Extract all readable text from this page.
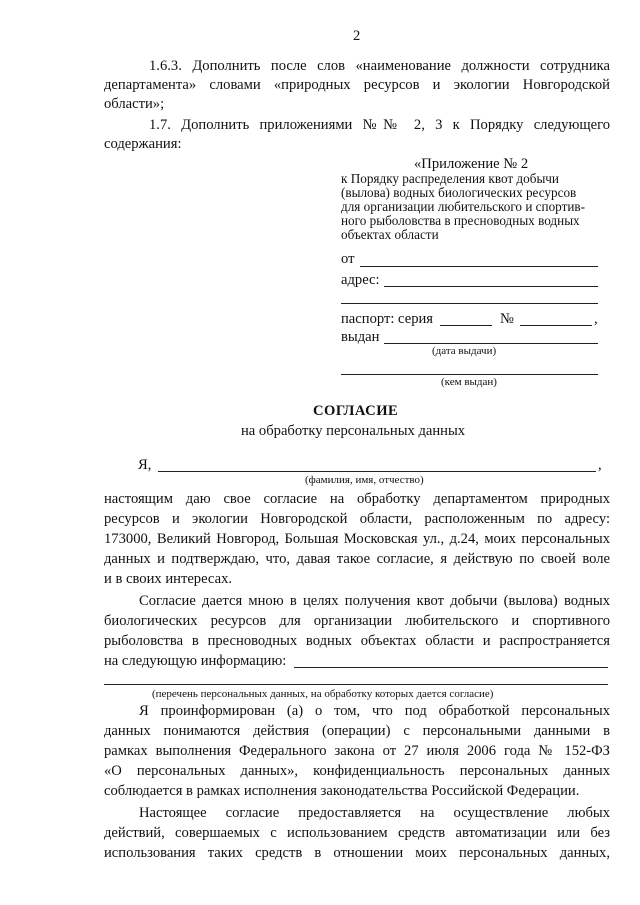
2
1.6.3. Дополнить после слов «наименование должности сотрудника
департамента» словами «природных ресурсов и экологии Новгородской
области»;
1.7. Дополнить приложениями №№ 2, 3 к Порядку следующего
содержания:
«Приложение № 2
к Порядку распределения квот добычи
(вылова) водных биологических ресурсов
для организации любительского и спортив-
ного рыболовства в пресноводных водных
объектах области
от
адрес:
паспорт: серия	№	,
выдан
(дата выдачи)
(кем выдан)
СОГЛАСИЕ
на обработку персональных данных
Я,	,
(фамилия, имя, отчество)
настоящим даю свое согласие на обработку департаментом природных
ресурсов и экологии Новгородской области, расположенным по адресу:
173000, Великий Новгород, Большая Московская ул., д.24, моих персональных
данных и подтверждаю, что, давая такое согласие, я действую по своей воле
и в своих интересах.
Согласие дается мною в целях получения квот добычи (вылова) водных
биологических ресурсов для организации любительского и спортивного
рыболовства в пресноводных водных объектах области и распространяется
на следующую информацию:
(перечень персональных данных, на обработку которых дается согласие)
Я проинформирован (а) о том, что под обработкой персональных
данных понимаются действия (операции) с персональными данными в
рамках выполнения Федерального закона от 27 июля 2006 года № 152-ФЗ
«О персональных данных», конфиденциальность персональных данных
соблюдается в рамках исполнения законодательства Российской Федерации.
Настоящее согласие предоставляется на осуществление любых
действий, совершаемых с использованием средств автоматизации или без
использования таких средств в отношении моих персональных данных,
